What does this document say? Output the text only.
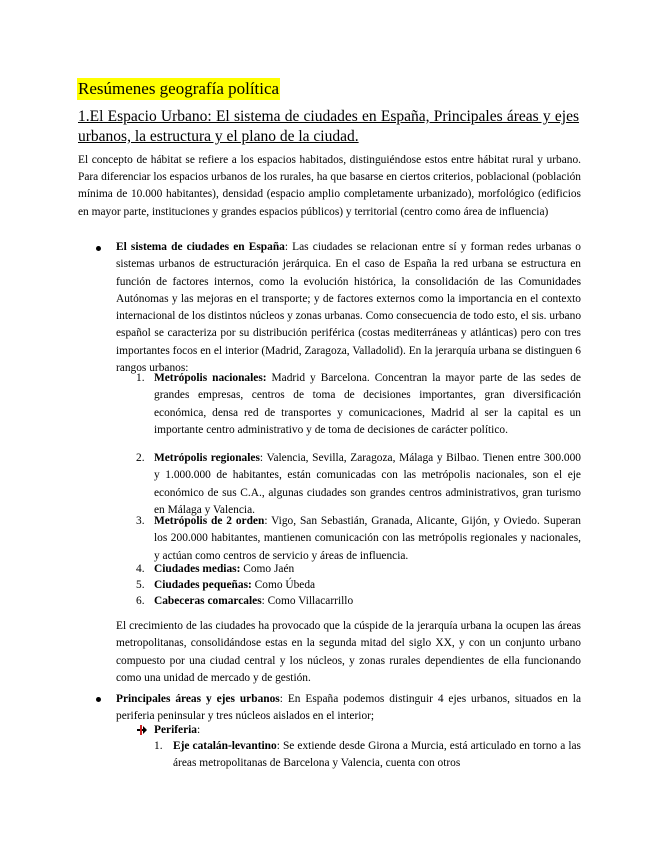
Resúmenes geografía política
1.El Espacio Urbano: El sistema de ciudades en España, Principales áreas y ejes urbanos, la estructura y el plano de la ciudad.
El concepto de hábitat se refiere a los espacios habitados, distinguiéndose estos entre hábitat rural y urbano. Para diferenciar los espacios urbanos de los rurales, ha que basarse en ciertos criterios, poblacional (población mínima de 10.000 habitantes), densidad (espacio amplio completamente urbanizado), morfológico (edificios en mayor parte, instituciones y grandes espacios públicos) y territorial (centro como área de influencia)
El sistema de ciudades en España: Las ciudades se relacionan entre sí y forman redes urbanas o sistemas urbanos de estructuración jerárquica. En el caso de España la red urbana se estructura en función de factores internos, como la evolución histórica, la consolidación de las Comunidades Autónomas y las mejoras en el transporte; y de factores externos como la importancia en el contexto internacional de los distintos núcleos y zonas urbanas. Como consecuencia de todo esto, el sis. urbano español se caracteriza por su distribución periférica (costas mediterráneas y atlánticas) pero con tres importantes focos en el interior (Madrid, Zaragoza, Valladolid). En la jerarquía urbana se distinguen 6 rangos urbanos:
1. Metrópolis nacionales: Madrid y Barcelona. Concentran la mayor parte de las sedes de grandes empresas, centros de toma de decisiones importantes, gran diversificación económica, densa red de transportes y comunicaciones, Madrid al ser la capital es un importante centro administrativo y de toma de decisiones de carácter político.
2. Metrópolis regionales: Valencia, Sevilla, Zaragoza, Málaga y Bilbao. Tienen entre 300.000 y 1.000.000 de habitantes, están comunicadas con las metrópolis nacionales, son el eje económico de sus C.A., algunas ciudades son grandes centros administrativos, gran turismo en Málaga y Valencia.
3. Metrópolis de 2 orden: Vigo, San Sebastián, Granada, Alicante, Gijón, y Oviedo. Superan los 200.000 habitantes, mantienen comunicación con las metrópolis regionales y nacionales, y actúan como centros de servicio y áreas de influencia.
4. Ciudades medias: Como Jaén
5. Ciudades pequeñas: Como Úbeda
6. Cabeceras comarcales: Como Villacarrillo
El crecimiento de las ciudades ha provocado que la cúspide de la jerarquía urbana la ocupen las áreas metropolitanas, consolidándose estas en la segunda mitad del siglo XX, y con un conjunto urbano compuesto por una ciudad central y los núcleos, y zonas rurales dependientes de ella funcionando como una unidad de mercado y de gestión.
Principales áreas y ejes urbanos: En España podemos distinguir 4 ejes urbanos, situados en la periferia peninsular y tres núcleos aislados en el interior;
Periferia:
1. Eje catalán-levantino: Se extiende desde Girona a Murcia, está articulado en torno a las áreas metropolitanas de Barcelona y Valencia, cuenta con otros
